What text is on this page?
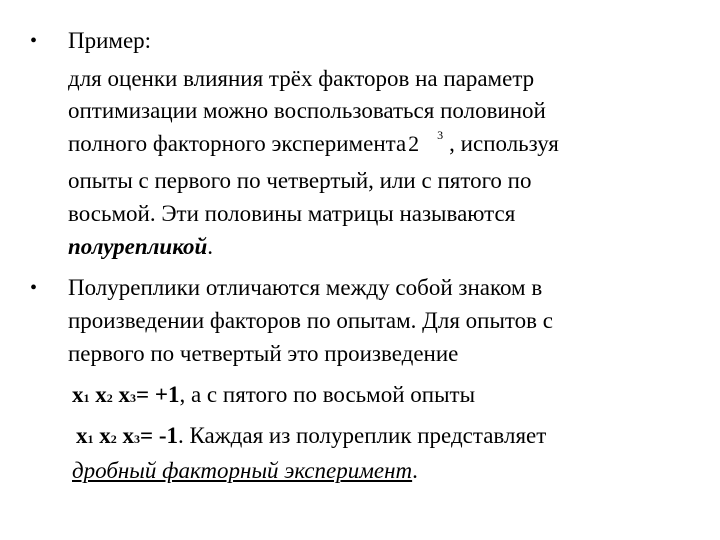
• Пример:
для оценки влияния трёх факторов на параметр
оптимизации можно воспользоваться половиной
полного факторного эксперимента2 $^3$ , используя
опыты с первого по четвертый, или с пятого по
восьмой. Эти половины матрицы называются
полурепликой.
• Полуреплики отличаются между собой знаком в
произведении факторов по опытам. Для опытов с
первого по четвертый это произведение
x1 x2 x3= +1, а с пятого по восьмой опыты
x1 x2 x3= -1. Каждая из полуреплик представляет
дробный факторный эксперимент.
